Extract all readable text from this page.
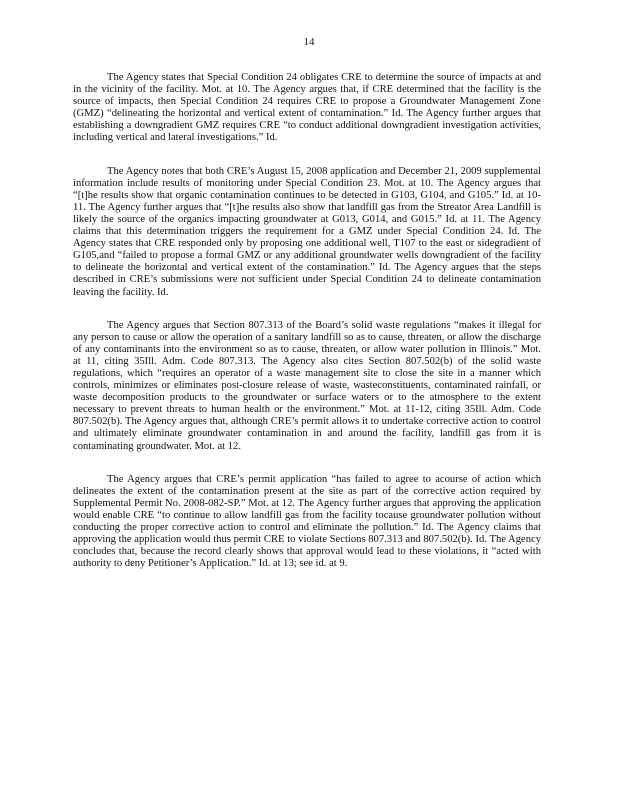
14

The Agency states that Special Condition 24 obligates CRE to determine the source of impacts at and in the vicinity of the facility. Mot. at 10. The Agency argues that, if CRE determined that the facility is the source of impacts, then Special Condition 24 requires CRE to propose a Groundwater Management Zone (GMZ) “delineating the horizontal and vertical extent of contamination.” Id. The Agency further argues that establishing a downgradient GMZ requires CRE “to conduct additional downgradient investigation activities, including vertical and lateral investigations.” Id.

The Agency notes that both CRE’s August 15, 2008 application and December 21, 2009 supplemental information include results of monitoring under Special Condition 23. Mot. at 10. The Agency argues that “[t]he results show that organic contamination continues to be detected in G103, G104, and G105.” Id. at 10-11. The Agency further argues that “[t]he results also show that landfill gas from the Streator Area Landfill is likely the source of the organics impacting groundwater at G013, G014, and G015.” Id. at 11. The Agency claims that this determination triggers the requirement for a GMZ under Special Condition 24. Id. The Agency states that CRE responded only by proposing one additional well, T107 to the east or sidegradient of G105,and “failed to propose a formal GMZ or any additional groundwater wells downgradient of the facility to delineate the horizontal and vertical extent of the contamination.” Id. The Agency argues that the steps described in CRE’s submissions were not sufficient under Special Condition 24 to delineate contamination leaving the facility. Id.

The Agency argues that Section 807.313 of the Board’s solid waste regulations “makes it illegal for any person to cause or allow the operation of a sanitary landfill so as to cause, threaten, or allow the discharge of any contaminants into the environment so as to cause, threaten, or allow water pollution in Illinois.” Mot. at 11, citing 35Ill. Adm. Code 807.313. The Agency also cites Section 807.502(b) of the solid waste regulations, which “requires an operator of a waste management site to close the site in a manner which controls, minimizes or eliminates post-closure release of waste, wasteconstituents, contaminated rainfall, or waste decomposition products to the groundwater or surface waters or to the atmosphere to the extent necessary to prevent threats to human health or the environment.” Mot. at 11-12, citing 35Ill. Adm. Code 807.502(b). The Agency argues that, although CRE’s permit allows it to undertake corrective action to control and ultimately eliminate groundwater contamination in and around the facility, landfill gas from it is contaminating groundwater. Mot. at 12.

The Agency argues that CRE’s permit application “has failed to agree to acourse of action which delineates the extent of the contamination present at the site as part of the corrective action required by Supplemental Permit No. 2008-082-SP.” Mot. at 12. The Agency further argues that approving the application would enable CRE “to continue to allow landfill gas from the facility tocause groundwater pollution without conducting the proper corrective action to control and eliminate the pollution.” Id. The Agency claims that approving the application would thus permit CRE to violate Sections 807.313 and 807.502(b). Id. The Agency concludes that, because the record clearly shows that approval would lead to these violations, it “acted with authority to deny Petitioner’s Application.” Id. at 13; see id. at 9.
